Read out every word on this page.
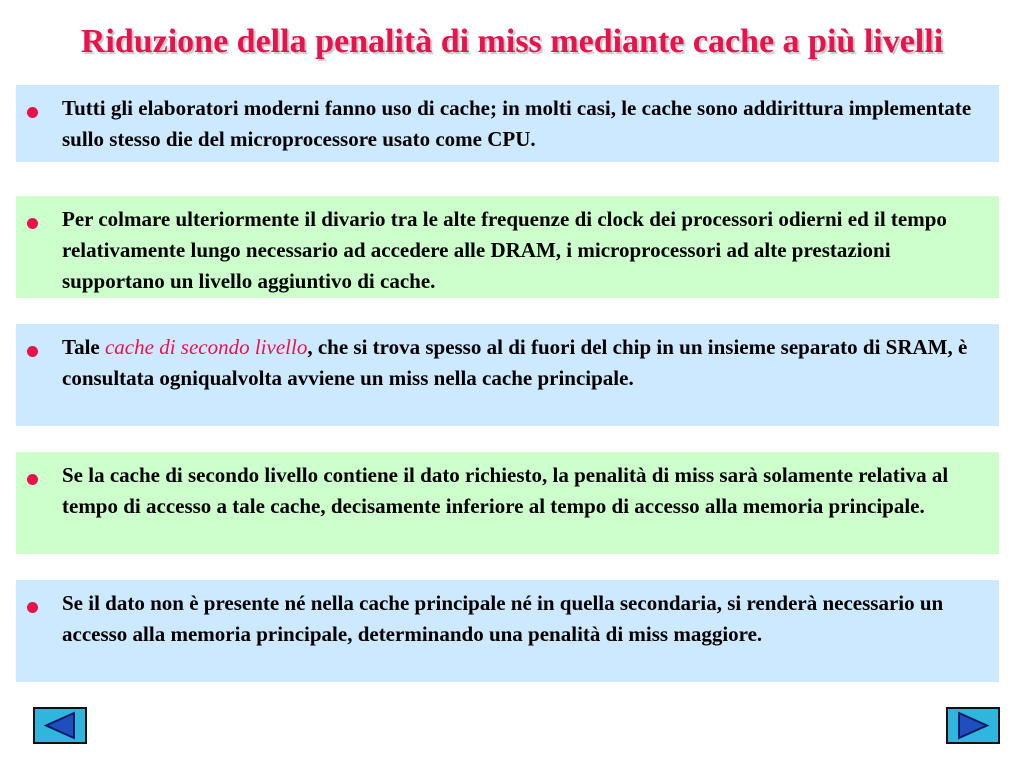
Riduzione della penalità di miss mediante cache a più livelli
Tutti gli elaboratori moderni fanno uso di cache; in molti casi, le cache sono addirittura implementate sullo stesso die del microprocessore usato come CPU.
Per colmare ulteriormente il divario tra le alte frequenze di clock dei processori odierni ed il tempo relativamente lungo necessario ad accedere alle DRAM, i microprocessori ad alte prestazioni supportano un livello aggiuntivo di cache.
Tale cache di secondo livello, che si trova spesso al di fuori del chip in un insieme separato di SRAM, è consultata ogniqualvolta avviene un miss nella cache principale.
Se la cache di secondo livello contiene il dato richiesto, la penalità di miss sarà solamente relativa al tempo di accesso a tale cache, decisamente inferiore al tempo di accesso alla memoria principale.
Se il dato non è presente né nella cache principale né in quella secondaria, si renderà necessario un accesso alla memoria principale, determinando una penalità di miss maggiore.
